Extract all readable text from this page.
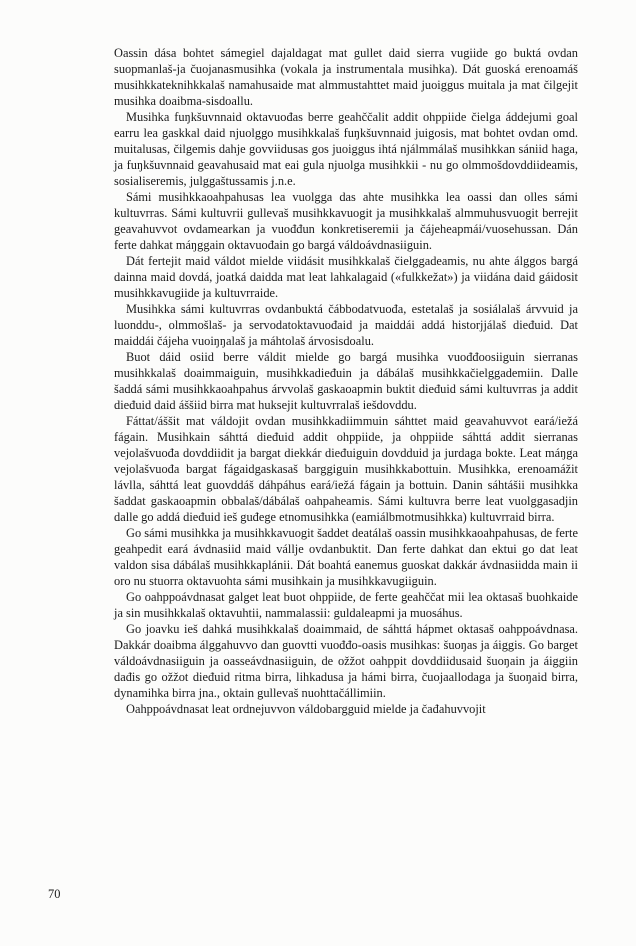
Oassin dása bohtet sámegiel dajaldagat mat gullet daid sierra vugiide go buktá ovdan suopmanlaš-ja čuojanasmusihka (vokala ja instrumentala musihka). Dát guoská erenoamáš musihkkateknihkkalaš namahusaide mat almmustahttet maid juoiggus muitala ja mat čilgejit musihka doaibma-sisdoallu.

Musihka fuŋkšuvnnaid oktavuođas berre geahččalit addit ohppiide čielga áddejumi goal earru lea gaskkal daid njuolggo musihkkalaš fuŋkšuvnnaid juigosis, mat bohtet ovdan omd. muitalusas, čilgemis dahje govviidusas gos juoiggus ihtá njálmmálaš musihkkan sániid haga, ja fuŋkšuvnnaid geavahusaid mat eai gula njuolga musihkkii - nu go olmmošdovddiideamis, sosialiseremis, julggaštussamis j.n.e.

Sámi musihkkaoahpahusas lea vuolgga das ahte musihkka lea oassi dan olles sámi kultuvrras. Sámi kultuvrii gullevaš musihkkavuogit ja musihkkalaš almmuhusvuogit berrejit geavahuvvot ovdamearkan ja vuođđun konkretiseremii ja čájeheapmái/vuosehussan. Dán ferte dahkat máŋggain oktavuođain go bargá váldoávdnasiiguin.

Dát fertejit maid váldot mielde viidásit musihkkalaš čielggadeamis, nu ahte álggos bargá dainna maid dovdá, joatká daidda mat leat lahkalagaid («fulkkežat») ja viidána daid gáidosit musihkkavugiide ja kultuvrraide.

Musihkka sámi kultuvrras ovdanbuktá čábbodatvuođa, estetalaš ja sosiálalaš árvvuid ja luonddu-, olmmošlaš- ja servodatoktavuođaid ja maiddái addá historjjálaš dieđuid. Dat maiddái čájeha vuoiŋŋalaš ja máhtolaš árvosisdoalu.

Buot dáid osiid berre váldit mielde go bargá musihka vuođđoosiiguin sierranas musihkkalaš doaimmaiguin, musihkkadieđuin ja dábálaš musihkkačielggademiin. Dalle šaddá sámi musihkkaoahpahus árvvolaš gaskaoapmin buktit dieđuid sámi kultuvrras ja addit dieđuid daid áššiid birra mat huksejit kultuvrralaš iešdovddu.

Fáttat/áššit mat váldojit ovdan musihkkadiimmuin sáhttet maid geavahuvvot eará/iežá fágain. Musihkain sáhttá dieđuid addit ohppiide, ja ohppiide sáhttá addit sierranas vejolašvuođa dovddiidit ja bargat diekkár dieđuiguin dovdduid ja jurdaga bokte. Leat máŋga vejolašvuođa bargat fágaidgaskasaš barggiguin musihkkabottuin. Musihkka, erenoamážit lávlla, sáhttá leat guovddáš dáhpáhus eará/iežá fágain ja bottuin. Danin sáhtášii musihkka šaddat gaskaoapmin obbalaš/dábálaš oahpaheamis. Sámi kultuvra berre leat vuolggasadjin dalle go addá dieđuid ieš guđege etnomusihkka (eamiálbmotmusihkka) kultuvrraid birra.

Go sámi musihkka ja musihkkavuogit šaddet deatálaš oassin musihkkaoahpahusas, de ferte geahpedit eará ávdnasiid maid vállje ovdanbuktit. Dan ferte dahkat dan ektui go dat leat valdon sisa dábálaš musihkkaplánii. Dát boahtá eanemus guoskat dakkár ávdnasiidda main ii oro nu stuorra oktavuohta sámi musihkain ja musihkkavugiiguin.

Go oahppoávdnasat galget leat buot ohppiide, de ferte geahččat mii lea oktasaš buohkaide ja sin musihkkalaš oktavuhtii, nammalassii: guldaleapmi ja muosáhus.

Go joavku ieš dahká musihkkalaš doaimmaid, de sáhttá hápmet oktasaš oahppoávdnasa. Dakkár doaibma álggahuvvo dan guovtti vuođđo-oasis musihkas: šuoŋas ja áiggis. Go barget váldoávdnasiiguin ja oasseávdnasiiguin, de ožžot oahppit dovddiidusaid šuoŋain ja áiggiin dađis go ožžot dieđuid ritma birra, lihkadusa ja hámi birra, čuojaallodaga ja šuoŋaid birra, dynamihka birra jna., oktain gullevaš nuohttačállimiin.

Oahppoávdnasat leat ordnejuvvon váldobargguid mielde ja čađahuvvojit

70
